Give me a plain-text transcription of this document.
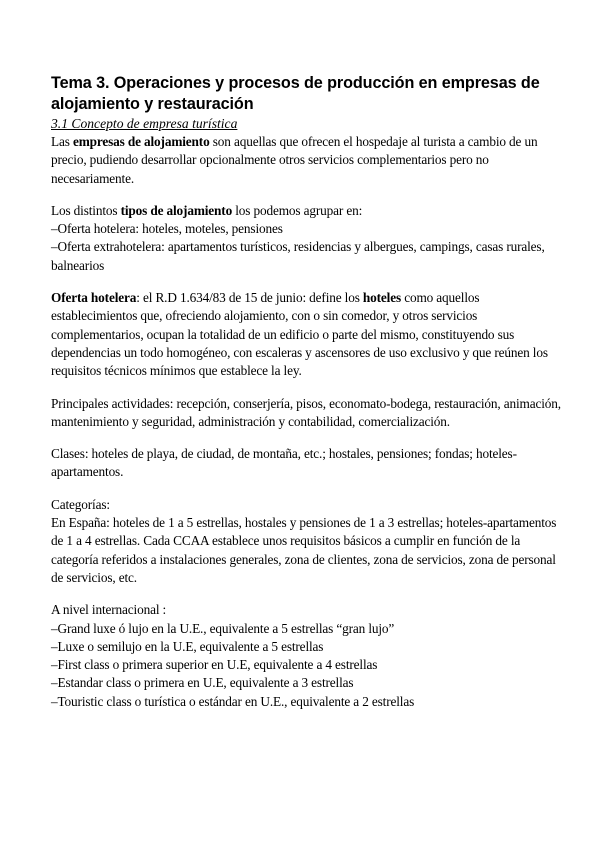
Tema 3. Operaciones y procesos de producción en empresas de alojamiento y restauración
3.1 Concepto de empresa turística

Las empresas de alojamiento son aquellas que ofrecen el hospedaje al turista a cambio de un precio, pudiendo desarrollar opcionalmente otros servicios complementarios pero no necesariamente.

Los distintos tipos de alojamiento los podemos agrupar en:
–Oferta hotelera: hoteles, moteles, pensiones
–Oferta extrahotelera: apartamentos turísticos, residencias y albergues, campings, casas rurales, balnearios

Oferta hotelera: el R.D 1.634/83 de 15 de junio: define los hoteles como aquellos establecimientos que, ofreciendo alojamiento, con o sin comedor, y otros servicios complementarios, ocupan la totalidad de un edificio o parte del mismo, constituyendo sus dependencias un todo homogéneo, con escaleras y ascensores de uso exclusivo y que reúnen los requisitos técnicos mínimos que establece la ley.

Principales actividades: recepción, conserjería, pisos, economato-bodega, restauración, animación, mantenimiento y seguridad, administración y contabilidad, comercialización.

Clases: hoteles de playa, de ciudad, de montaña, etc.; hostales, pensiones; fondas; hoteles-apartamentos.

Categorías:
En España: hoteles de 1 a 5 estrellas, hostales y pensiones de 1 a 3 estrellas; hoteles-apartamentos de 1 a 4 estrellas. Cada CCAA establece unos requisitos básicos a cumplir en función de la categoría referidos a instalaciones generales, zona de clientes, zona de servicios, zona de personal de servicios, etc.
A nivel internacional :
–Grand luxe ó lujo en la U.E., equivalente a 5 estrellas “gran lujo”
–Luxe o semilujo en la U.E, equivalente a 5 estrellas
–First class o primera superior en U.E, equivalente a 4 estrellas
–Estandar class o primera en U.E, equivalente a 3 estrellas
–Touristic class o turística o estándar en U.E., equivalente a 2 estrellas
